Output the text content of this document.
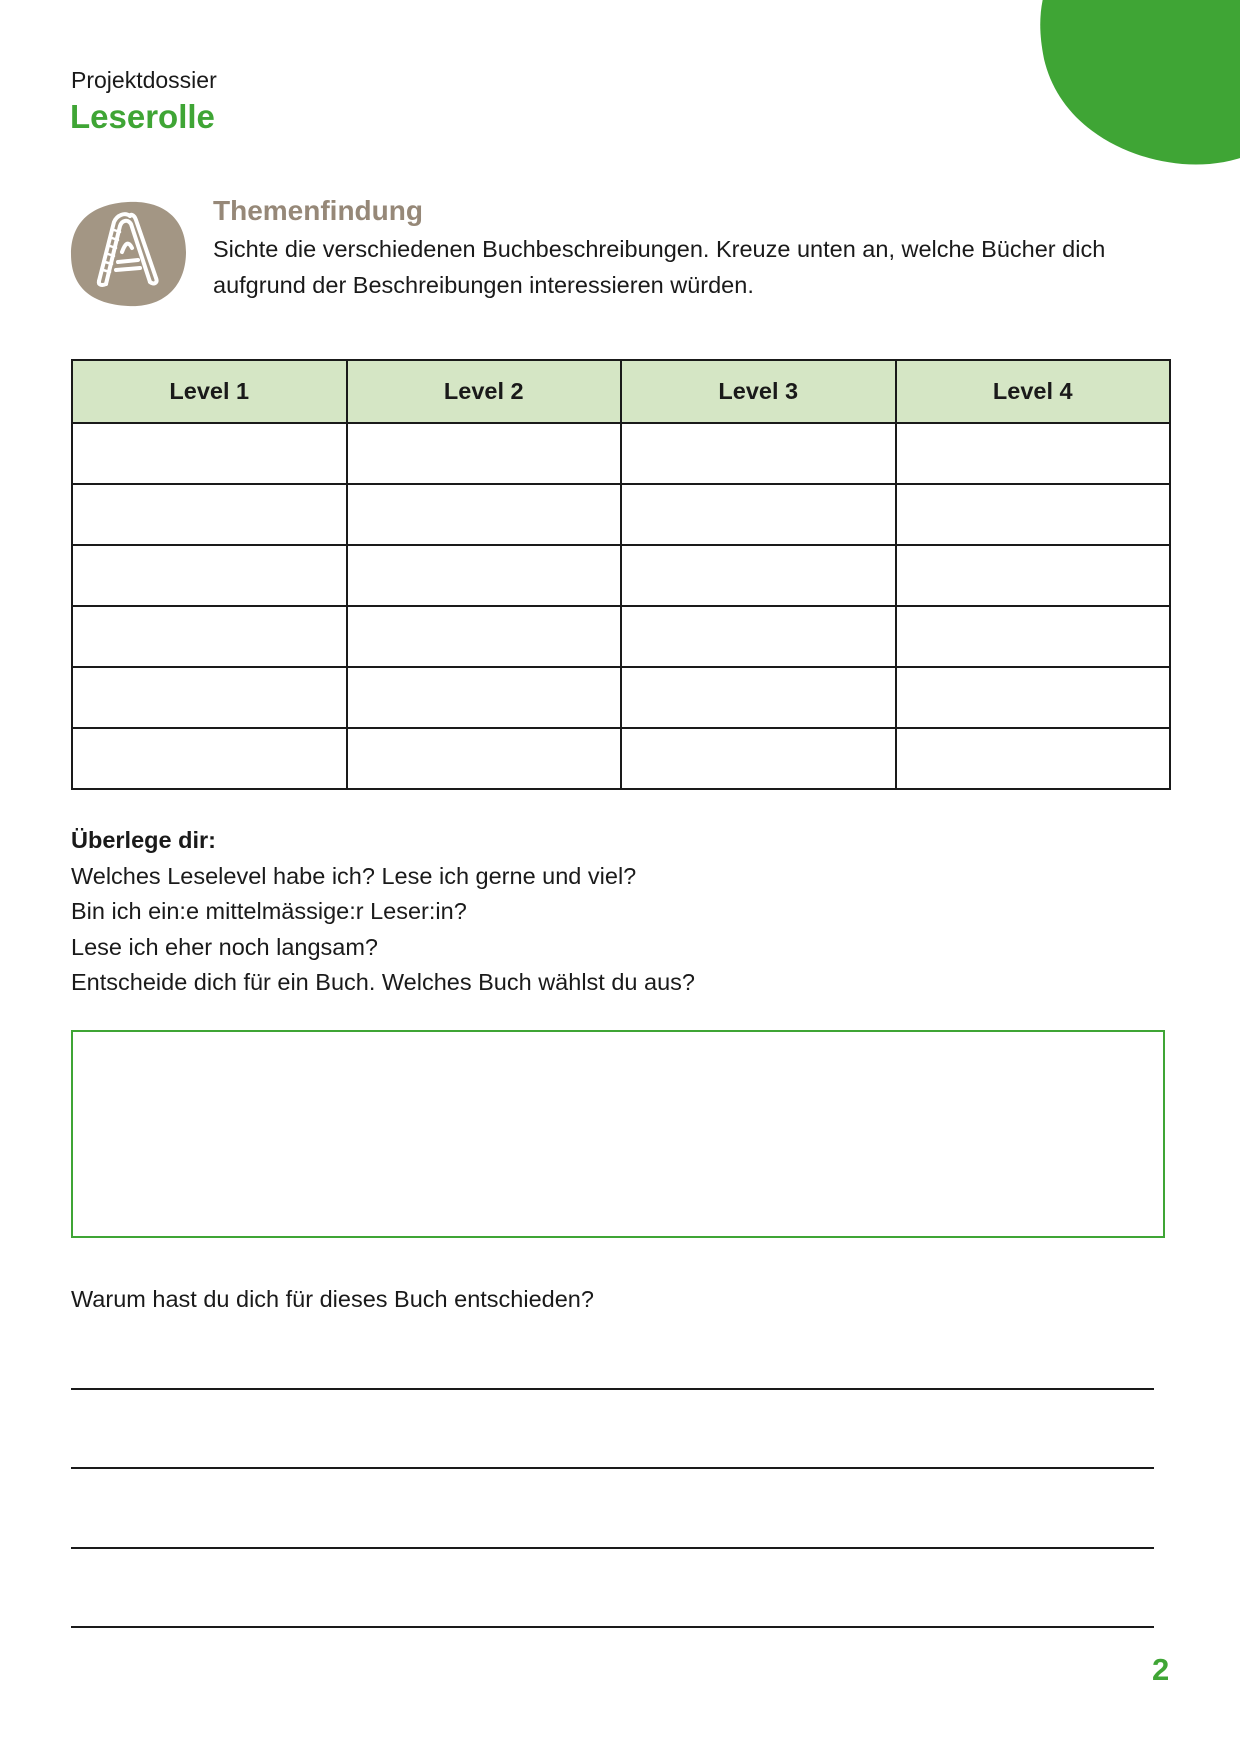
Projektdossier
Leserolle
Themenfindung
Sichte die verschiedenen Buchbeschreibungen. Kreuze unten an, welche Bücher dich aufgrund der Beschreibungen interessieren würden.
Level 1	Level 2	Level 3	Level 4

Überlege dir:
Welches Leselevel habe ich? Lese ich gerne und viel?
Bin ich ein:e mittelmässige:r Leser:in?
Lese ich eher noch langsam?
Entscheide dich für ein Buch. Welches Buch wählst du aus?
Warum hast du dich für dieses Buch entschieden?
2
